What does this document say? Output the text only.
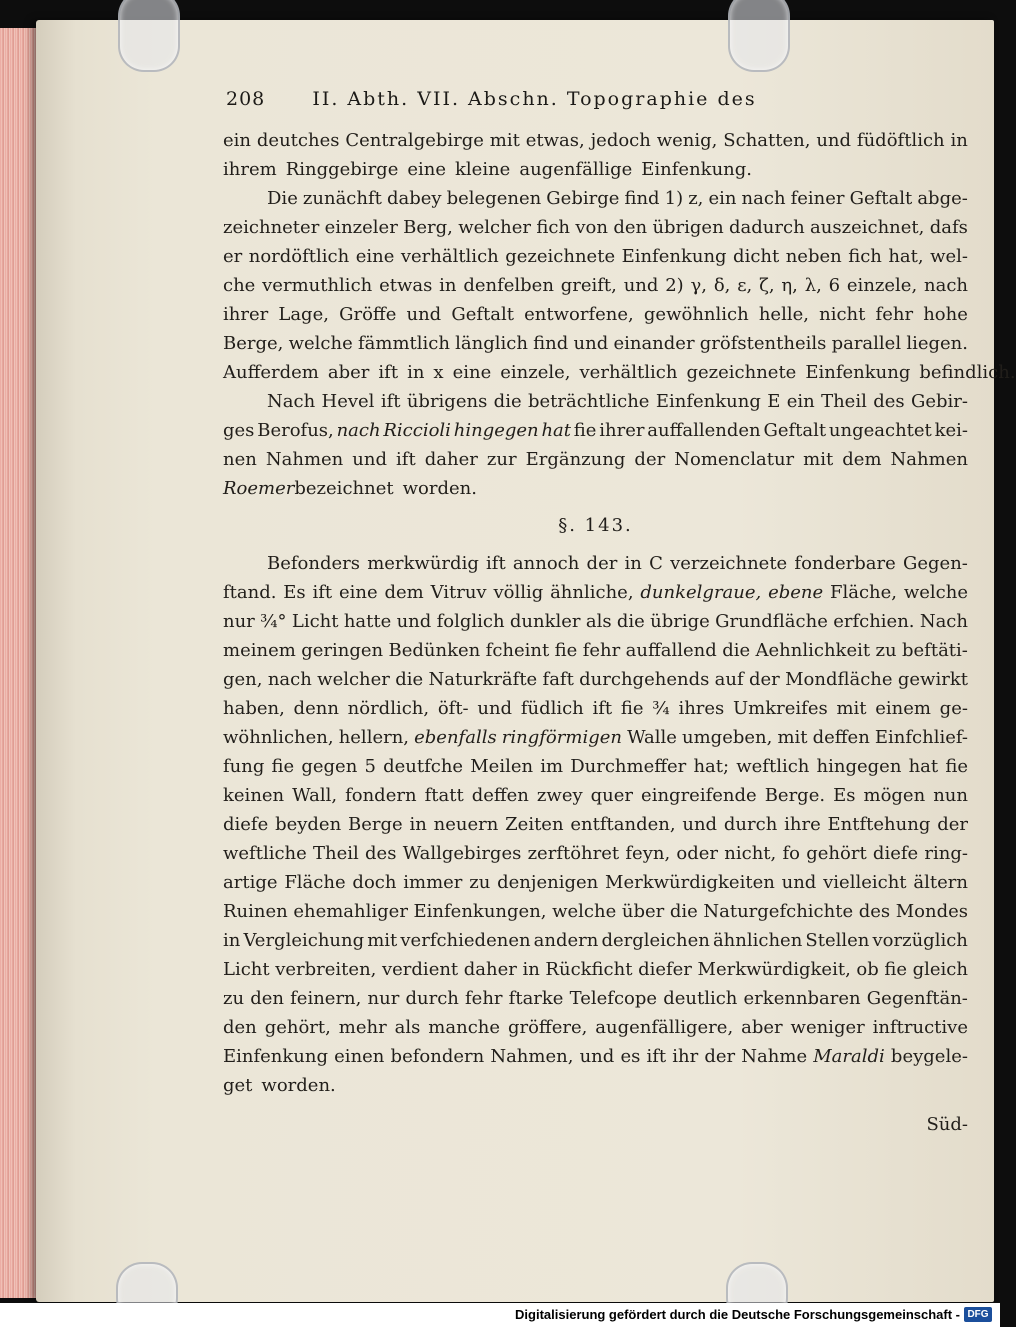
208 II. Abth. VII. Abschn. Topographie des
ein deutches Centralgebirge mit etwas, jedoch wenig, Schatten, und füdöftlich in
ihrem Ringgebirge eine kleine augenfällige Einfenkung.
Die zunächft dabey belegenen Gebirge find 1) z, ein nach feiner Geftalt abge-
zeichneter einzeler Berg, welcher fich von den übrigen dadurch auszeichnet, dafs
er nordöftlich eine verhältlich gezeichnete Einfenkung dicht neben fich hat, wel-
che vermuthlich etwas in denfelben greift, und 2) γ, δ, ε, ζ, η, λ, 6 einzele, nach
ihrer Lage, Gröffe und Geftalt entworfene, gewöhnlich helle, nicht fehr hohe
Berge, welche fämmtlich länglich find und einander gröfstentheils parallel liegen.
Aufferdem aber ift in x eine einzele, verhältlich gezeichnete Einfenkung befindlich.
Nach Hevel ift übrigens die beträchtliche Einfenkung E ein Theil des Gebir-
ges Berofus, nach Riccioli hingegen hat fie ihrer auffallenden Geftalt ungeachtet kei-
nen Nahmen und ift daher zur Ergänzung der Nomenclatur mit dem Nahmen
Roemer bezeichnet worden.
§. 143.
Befonders merkwürdig ift annoch der in C verzeichnete fonderbare Gegen-
ftand. Es ift eine dem Vitruv völlig ähnliche, dunkelgraue, ebene Fläche, welche
nur ¾° Licht hatte und folglich dunkler als die übrige Grundfläche erfchien. Nach
meinem geringen Bedünken fcheint fie fehr auffallend die Aehnlichkeit zu beftäti-
gen, nach welcher die Naturkräfte faft durchgehends auf der Mondfläche gewirkt
haben, denn nördlich, öft- und füdlich ift fie ¾ ihres Umkreifes mit einem ge-
wöhnlichen, hellern, ebenfalls ringförmigen Walle umgeben, mit deffen Einfchlief-
fung fie gegen 5 deutfche Meilen im Durchmeffer hat; weftlich hingegen hat fie
keinen Wall, fondern ftatt deffen zwey quer eingreifende Berge. Es mögen nun
diefe beyden Berge in neuern Zeiten entftanden, und durch ihre Entftehung der
weftliche Theil des Wallgebirges zerftöhret feyn, oder nicht, fo gehört diefe ring-
artige Fläche doch immer zu denjenigen Merkwürdigkeiten und vielleicht ältern
Ruinen ehemahliger Einfenkungen, welche über die Naturgefchichte des Mondes
in Vergleichung mit verfchiedenen andern dergleichen ähnlichen Stellen vorzüglich
Licht verbreiten, verdient daher in Rückficht diefer Merkwürdigkeit, ob fie gleich
zu den feinern, nur durch fehr ftarke Telefcope deutlich erkennbaren Gegenftän-
den gehört, mehr als manche gröffere, augenfälligere, aber weniger inftructive
Einfenkung einen befondern Nahmen, und es ift ihr der Nahme Maraldi beygele-
get worden.
Süd-
Digitalisierung gefördert durch die Deutsche Forschungsgemeinschaft - DFG
